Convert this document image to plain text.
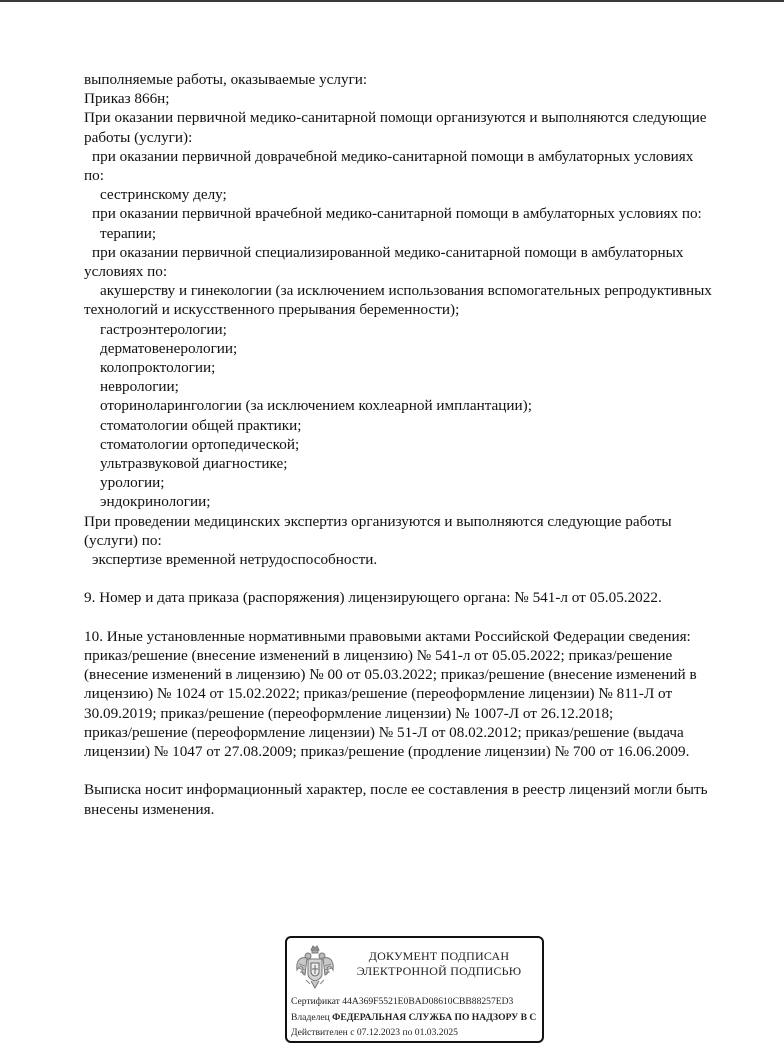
выполняемые работы, оказываемые услуги:
Приказ 866н;
При оказании первичной медико-санитарной помощи организуются и выполняются следующие
работы (услуги):
при оказании первичной доврачебной медико-санитарной помощи в амбулаторных условиях
по:
сестринскому делу;
при оказании первичной врачебной медико-санитарной помощи в амбулаторных условиях по:
терапии;
при оказании первичной специализированной медико-санитарной помощи в амбулаторных
условиях по:
акушерству и гинекологии (за исключением использования вспомогательных репродуктивных
технологий и искусственного прерывания беременности);
гастроэнтерологии;
дерматовенерологии;
колопроктологии;
неврологии;
оториноларингологии (за исключением кохлеарной имплантации);
стоматологии общей практики;
стоматологии ортопедической;
ультразвуковой диагностике;
урологии;
эндокринологии;
При проведении медицинских экспертиз организуются и выполняются следующие работы
(услуги) по:
экспертизе временной нетрудоспособности.
9. Номер и дата приказа (распоряжения) лицензирующего органа: № 541-л от 05.05.2022.
10. Иные установленные нормативными правовыми актами Российской Федерации сведения:
приказ/решение (внесение изменений в лицензию) № 541-л от 05.05.2022; приказ/решение
(внесение изменений в лицензию) № 00 от 05.03.2022; приказ/решение (внесение изменений в
лицензию) № 1024 от 15.02.2022; приказ/решение (переоформление лицензии) № 811-Л от
30.09.2019; приказ/решение (переоформление лицензии) № 1007-Л от 26.12.2018;
приказ/решение (переоформление лицензии) № 51-Л от 08.02.2012; приказ/решение (выдача
лицензии) № 1047 от 27.08.2009; приказ/решение (продление лицензии) № 700 от 16.06.2009.
Выписка носит информационный характер, после ее составления в реестр лицензий могли быть
внесены изменения.
ДОКУМЕНТ ПОДПИСАН
ЭЛЕКТРОННОЙ ПОДПИСЬЮ
Сертификат 44A369F5521E0BAD08610CBB88257ED3
Владелец ФЕДЕРАЛЬНАЯ СЛУЖБА ПО НАДЗОРУ В С
Действителен с 07.12.2023 по 01.03.2025
